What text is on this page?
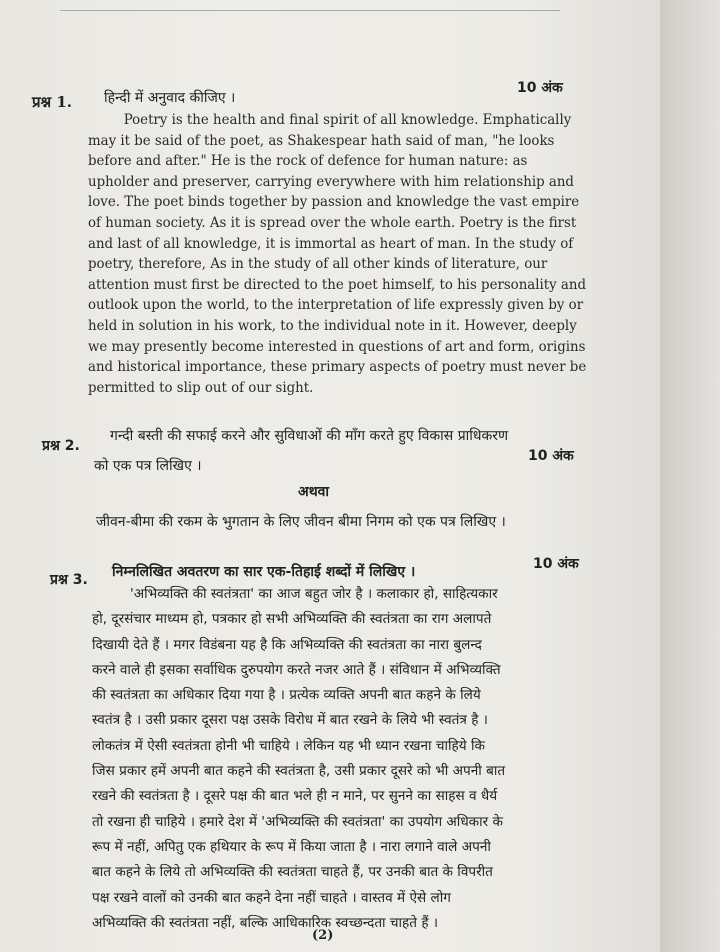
प्रश्न 1. हिन्दी में अनुवाद कीजिए ।
10 अंक
Poetry is the health and final spirit of all knowledge. Emphatically
may it be said of the poet, as Shakespear hath said of man, "he looks
before and after." He is the rock of defence for human nature: as
upholder and preserver, carrying everywhere with him relationship and
love. The poet binds together by passion and knowledge the vast empire
of human society. As it is spread over the whole earth. Poetry is the first
and last of all knowledge, it is immortal as heart of man. In the study of
poetry, therefore, As in the study of all other kinds of literature, our
attention must first be directed to the poet himself, to his personality and
outlook upon the world, to the interpretation of life expressly given by or
held in solution in his work, to the individual note in it. However, deeply
we may presently become interested in questions of art and form, origins
and historical importance, these primary aspects of poetry must never be
permitted to slip out of our sight.
प्रश्न 2.
गन्दी बस्ती की सफाई करने और सुविधाओं की माँग करते हुए विकास प्राधिकरण
को एक पत्र लिखिए ।
10 अंक
अथवा
जीवन-बीमा की रकम के भुगतान के लिए जीवन बीमा निगम को एक पत्र लिखिए ।
प्रश्न 3. निम्नलिखित अवतरण का सार एक-तिहाई शब्दों में लिखिए ।	10 अंक
'अभिव्यक्ति की स्वतंत्रता' का आज बहुत जोर है । कलाकार हो, साहित्यकार
हो, दूरसंचार माध्यम हो, पत्रकार हो सभी अभिव्यक्ति की स्वतंत्रता का राग अलापते
दिखायी देते हैं । मगर विडंबना यह है कि अभिव्यक्ति की स्वतंत्रता का नारा बुलन्द
करने वाले ही इसका सर्वाधिक दुरुपयोग करते नजर आते हैं । संविधान में अभिव्यक्ति
की स्वतंत्रता का अधिकार दिया गया है । प्रत्येक व्यक्ति अपनी बात कहने के लिये
स्वतंत्र है । उसी प्रकार दूसरा पक्ष उसके विरोध में बात रखने के लिये भी स्वतंत्र है ।
लोकतंत्र में ऐसी स्वतंत्रता होनी भी चाहिये । लेकिन यह भी ध्यान रखना चाहिये कि
जिस प्रकार हमें अपनी बात कहने की स्वतंत्रता है, उसी प्रकार दूसरे को भी अपनी बात
रखने की स्वतंत्रता है । दूसरे पक्ष की बात भले ही न माने, पर सुनने का साहस व धैर्य
तो रखना ही चाहिये । हमारे देश में 'अभिव्यक्ति की स्वतंत्रता' का उपयोग अधिकार के
रूप में नहीं, अपितु एक हथियार के रूप में किया जाता है । नारा लगाने वाले अपनी
बात कहने के लिये तो अभिव्यक्ति की स्वतंत्रता चाहते हैं, पर उनकी बात के विपरीत
पक्ष रखने वालों को उनकी बात कहने देना नहीं चाहते । वास्तव में ऐसे लोग
अभिव्यक्ति की स्वतंत्रता नहीं, बल्कि आधिकारिक स्वच्छन्दता चाहते हैं ।
(2)
